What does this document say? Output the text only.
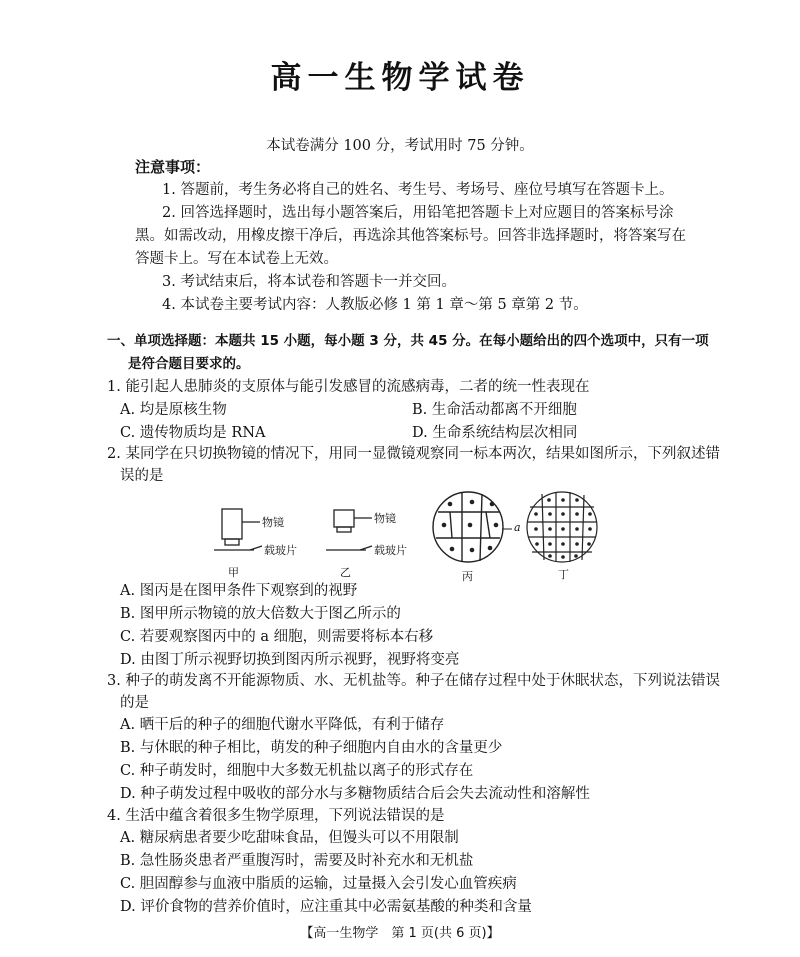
高一生物学试卷
本试卷满分 100 分，考试用时 75 分钟。
注意事项：
1. 答题前，考生务必将自己的姓名、考生号、考场号、座位号填写在答题卡上。
2. 回答选择题时，选出每小题答案后，用铅笔把答题卡上对应题目的答案标号涂
黑。如需改动，用橡皮擦干净后，再选涂其他答案标号。回答非选择题时，将答案写在
答题卡上。写在本试卷上无效。
3. 考试结束后，将本试卷和答题卡一并交回。
4. 本试卷主要考试内容：人教版必修 1 第 1 章～第 5 章第 2 节。
一、单项选择题：本题共 15 小题，每小题 3 分，共 45 分。在每小题给出的四个选项中，只有一项
是符合题目要求的。
1. 能引起人患肺炎的支原体与能引发感冒的流感病毒，二者的统一性表现在
A. 均是原核生物	B. 生命活动都离不开细胞
C. 遗传物质均是 RNA	D. 生命系统结构层次相同
2. 某同学在只切换物镜的情况下，用同一显微镜观察同一标本两次，结果如图所示，下列叙述错
误的是
物镜
载玻片
物镜
载玻片
a
甲	乙	丙	丁
A. 图丙是在图甲条件下观察到的视野
B. 图甲所示物镜的放大倍数大于图乙所示的
C. 若要观察图丙中的 a 细胞，则需要将标本右移
D. 由图丁所示视野切换到图丙所示视野，视野将变亮
3. 种子的萌发离不开能源物质、水、无机盐等。种子在储存过程中处于休眠状态，下列说法错误
的是
A. 晒干后的种子的细胞代谢水平降低，有利于储存
B. 与休眠的种子相比，萌发的种子细胞内自由水的含量更少
C. 种子萌发时，细胞中大多数无机盐以离子的形式存在
D. 种子萌发过程中吸收的部分水与多糖物质结合后会失去流动性和溶解性
4. 生活中蕴含着很多生物学原理，下列说法错误的是
A. 糖尿病患者要少吃甜味食品，但馒头可以不用限制
B. 急性肠炎患者严重腹泻时，需要及时补充水和无机盐
C. 胆固醇参与血液中脂质的运输，过量摄入会引发心血管疾病
D. 评价食物的营养价值时，应注重其中必需氨基酸的种类和含量
【高一生物学　第 1 页(共 6 页)】
